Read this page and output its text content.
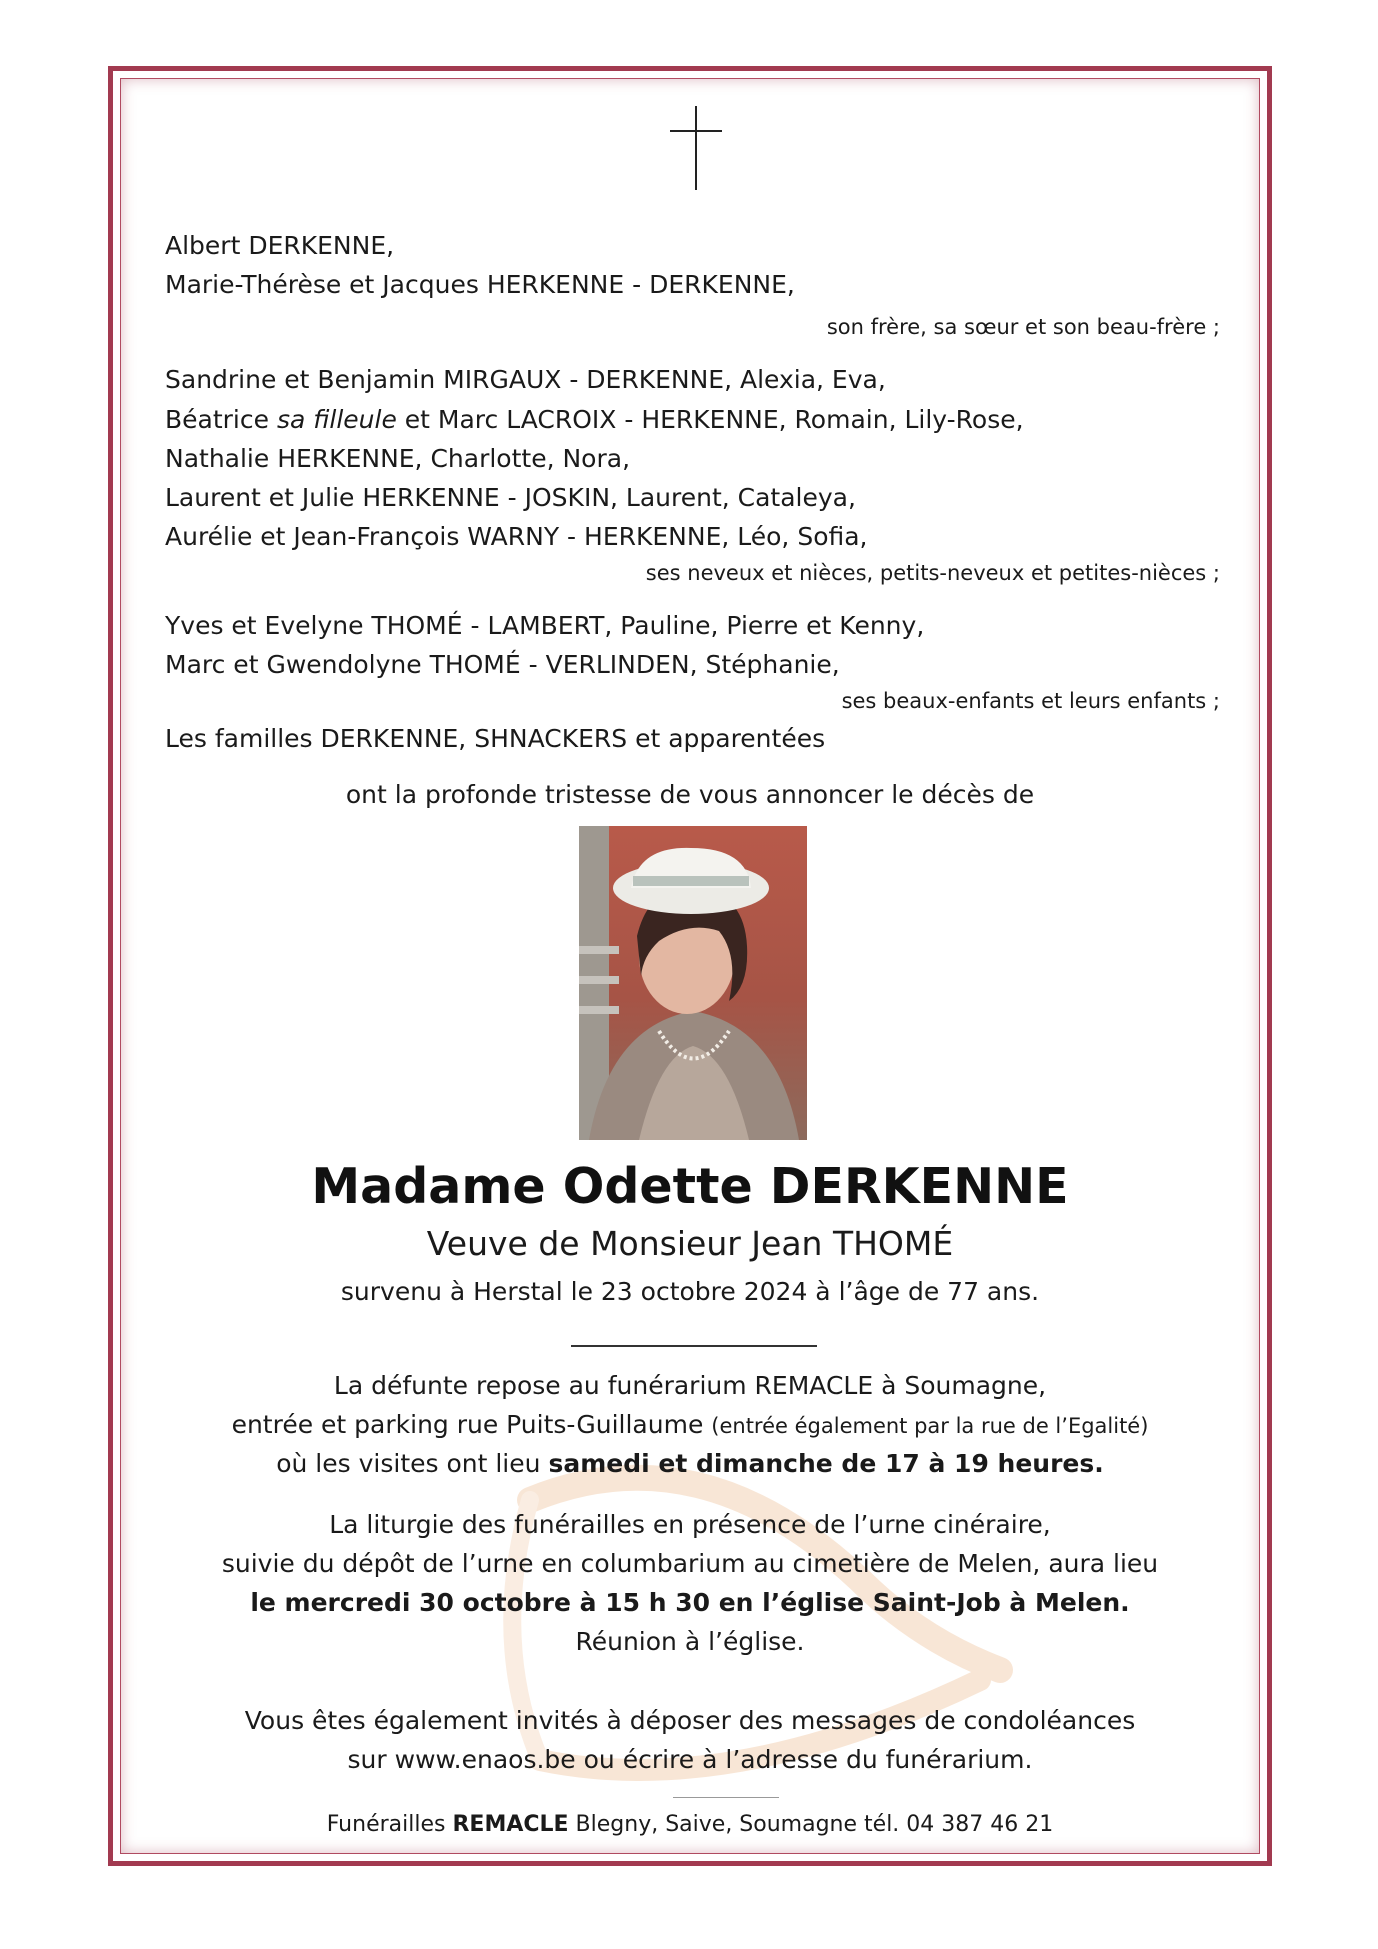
Albert DERKENNE,
Marie-Thérèse et Jacques HERKENNE - DERKENNE,
son frère, sa sœur et son beau-frère ;
Sandrine et Benjamin MIRGAUX - DERKENNE, Alexia, Eva,
Béatrice sa filleule et Marc LACROIX - HERKENNE, Romain, Lily-Rose,
Nathalie HERKENNE, Charlotte, Nora,
Laurent et Julie HERKENNE - JOSKIN, Laurent, Cataleya,
Aurélie et Jean-François WARNY - HERKENNE, Léo, Sofia,
ses neveux et nièces, petits-neveux et petites-nièces ;
Yves et Evelyne THOMÉ - LAMBERT, Pauline, Pierre et Kenny,
Marc et Gwendolyne THOMÉ - VERLINDEN, Stéphanie,
ses beaux-enfants et leurs enfants ;
Les familles DERKENNE, SHNACKERS et apparentées
ont la profonde tristesse de vous annoncer le décès de
Madame Odette DERKENNE
Veuve de Monsieur Jean THOMÉ
survenu à Herstal le 23 octobre 2024 à l’âge de 77 ans.
La défunte repose au funérarium REMACLE à Soumagne,
entrée et parking rue Puits-Guillaume (entrée également par la rue de l’Egalité)
où les visites ont lieu samedi et dimanche de 17 à 19 heures.
La liturgie des funérailles en présence de l’urne cinéraire,
suivie du dépôt de l’urne en columbarium au cimetière de Melen, aura lieu
le mercredi 30 octobre à 15 h 30 en l’église Saint-Job à Melen.
Réunion à l’église.
Vous êtes également invités à déposer des messages de condoléances
sur www.enaos.be ou écrire à l’adresse du funérarium.
Funérailles REMACLE Blegny, Saive, Soumagne tél. 04 387 46 21
